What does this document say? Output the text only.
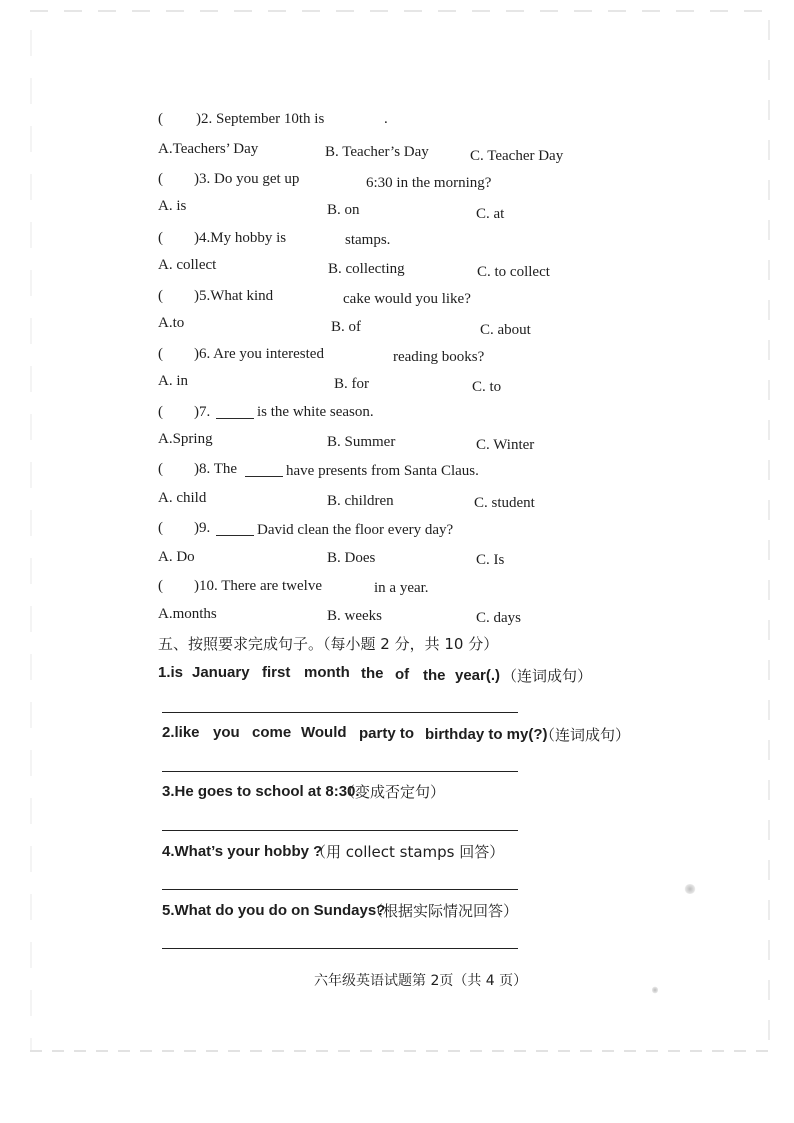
( )2. September 10th is	.
A.Teachers’ Day	B. Teacher’s Day	C. Teacher Day
( )3. Do you get up	6:30 in the morning?
A. is	B. on	C. at
( )4.My hobby is	stamps.
A. collect	B. collecting	C. to collect
( )5.What kind	cake would you like?
A.to	B. of	C. about
( )6. Are you interested	reading books?
A. in	B. for	C. to
( )7.	is the white season.
A.Spring	B. Summer	C. Winter
( )8. The	have presents from Santa Claus.
A. child	B. children	C. student
( )9.	David clean the floor every day?
A. Do	B. Does	C. Is
( )10. There are twelve	in a year.
A.months	B. weeks	C. days
五、按照要求完成句子。（每小题 2 分，共 10 分）
1.is January first month the of the year(.) （连词成句）
2.like you come Would party to birthday to my(?)
（连词成句）
3.He goes to school at 8:30.
（变成否定句）
4.What’s your hobby ?
（用 collect stamps 回答）
5.What do you do on Sundays?
（根据实际情况回答）
六年级英语试题第 2页（共 4 页）
